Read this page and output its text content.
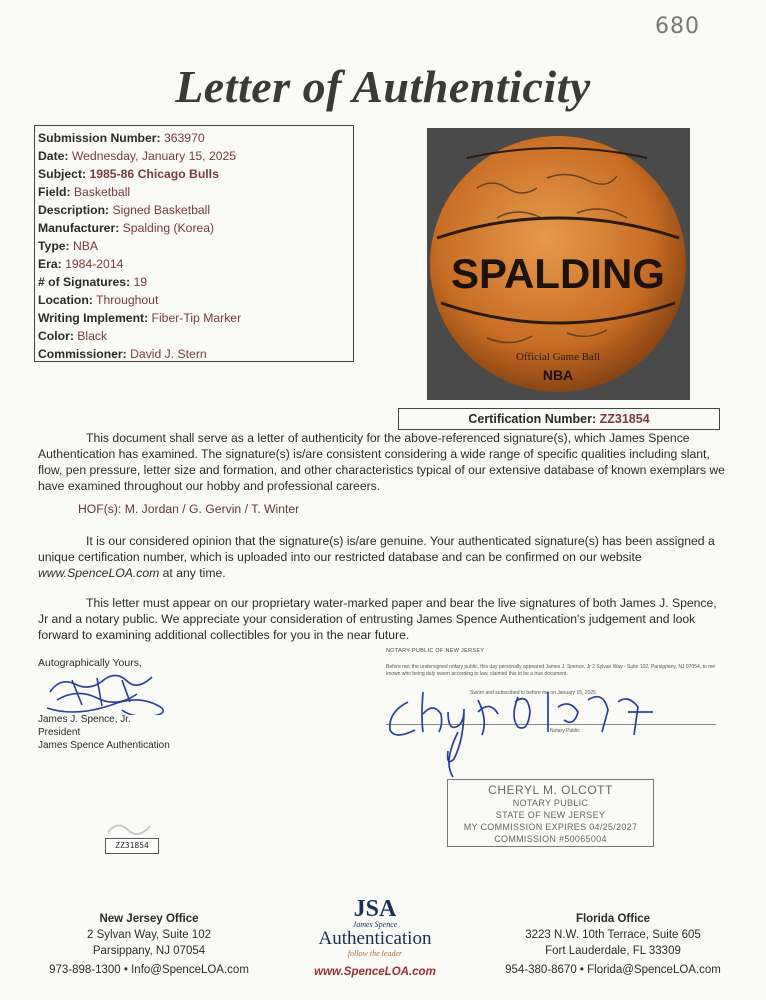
680
Letter of Authenticity
Submission Number: 363970
Date: Wednesday, January 15, 2025
Subject: 1985-86 Chicago Bulls
Field: Basketball
Description: Signed Basketball
Manufacturer: Spalding (Korea)
Type: NBA
Era: 1984-2014
# of Signatures: 19
Location: Throughout
Writing Implement: Fiber-Tip Marker
Color: Black
Commissioner: David J. Stern
SPALDING
Official Game Ball
NBA
Certification Number: ZZ31854
This document shall serve as a letter of authenticity for the above-referenced signature(s), which James Spence Authentication has examined. The signature(s) is/are consistent considering a wide range of specific qualities including slant, flow, pen pressure, letter size and formation, and other characteristics typical of our extensive database of known exemplars we have examined throughout our hobby and professional careers.
HOF(s): M. Jordan / G. Gervin / T. Winter
It is our considered opinion that the signature(s) is/are genuine. Your authenticated signature(s) has been assigned a unique certification number, which is uploaded into our restricted database and can be confirmed on our website www.SpenceLOA.com at any time.
This letter must appear on our proprietary water-marked paper and bear the live signatures of both James J. Spence, Jr and a notary public. We appreciate your consideration of entrusting James Spence Authentication's judgement and look forward to examining additional collectibles for you in the near future.
Autographically Yours,
James J. Spence, Jr.
President
James Spence Authentication
NOTARY PUBLIC OF NEW JERSEY
Before me, the undersigned notary public, this day personally appeared James J. Spence, Jr 2 Sylvan Way - Suite 102, Parsippany, NJ 07054, to me known who being duly sworn according to law, claimed this to be a true document.
Sworn and subscribed to before me on January 15, 2025
Notary Public
CHERYL M. OLCOTT
NOTARY PUBLIC
STATE OF NEW JERSEY
MY COMMISSION EXPIRES 04/25/2027
COMMISSION #50065004
ZZ31854
New Jersey Office
2 Sylvan Way, Suite 102
Parsippany, NJ 07054
973-898-1300 • Info@SpenceLOA.com
JSA
James Spence
Authentication
follow the leader
www.SpenceLOA.com
Florida Office
3223 N.W. 10th Terrace, Suite 605
Fort Lauderdale, FL 33309
954-380-8670 • Florida@SpenceLOA.com
